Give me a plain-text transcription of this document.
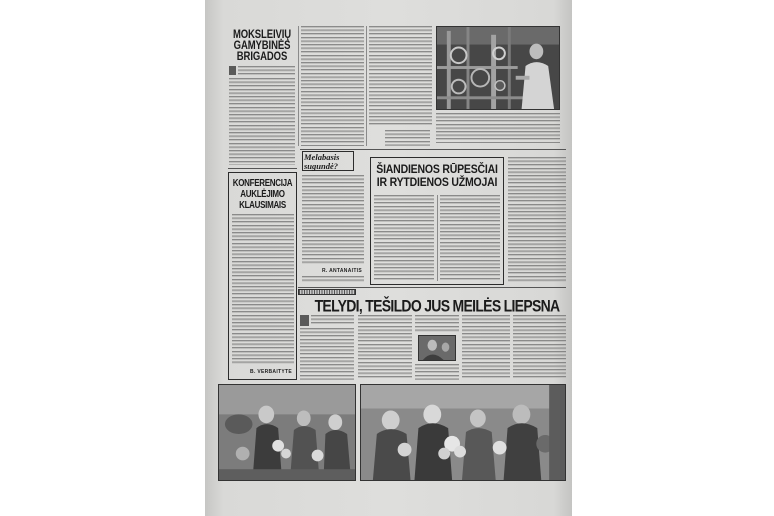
MOKSLEIVIŲ
GAMYBINĖS
BRIGADOS
KONFERENCIJA
AUKLĖJIMO
KLAUSIMAIS
B. VERBAITYTE
Melabasis
sugundė?
R. ANTANAITIS
ŠIANDIENOS RŪPESČIAI
IR RYTDIENOS UŽMOJAI
TELYDI, TEŠILDO JUS MEILĖS LIEPSNA
